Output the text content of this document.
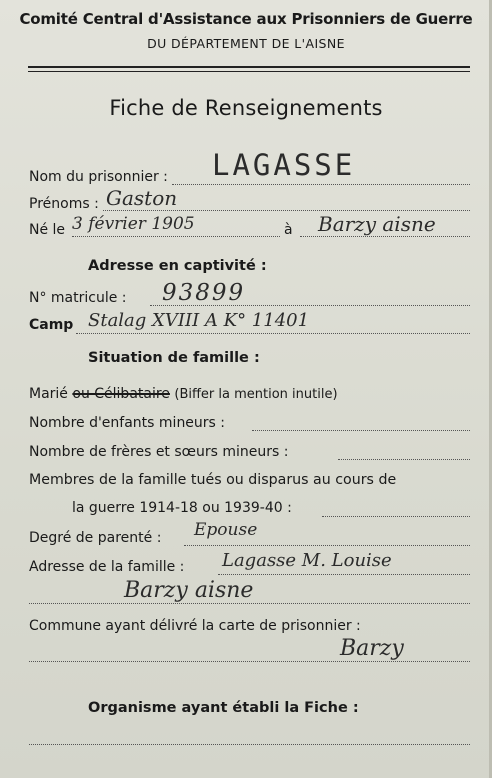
Comité Central d'Assistance aux Prisonniers de Guerre
DU DÉPARTEMENT DE L'AISNE
Fiche de Renseignements
Nom du prisonnier : LAGASSE
Prénoms : Gaston
Né le 3 février 1905	à Barzy aisne
Adresse en captivité :
N° matricule : 93899
Camp Stalag XVIII A K° 11401
Situation de famille :
Marié ou Célibataire (Biffer la mention inutile)
Nombre d'enfants mineurs :
Nombre de frères et sœurs mineurs :
Membres de la famille tués ou disparus au cours de
la guerre 1914-18 ou 1939-40 :
Degré de parenté : Epouse
Adresse de la famille : Lagasse M. Louise
Barzy aisne
Commune ayant délivré la carte de prisonnier :
Barzy
Organisme ayant établi la Fiche :
